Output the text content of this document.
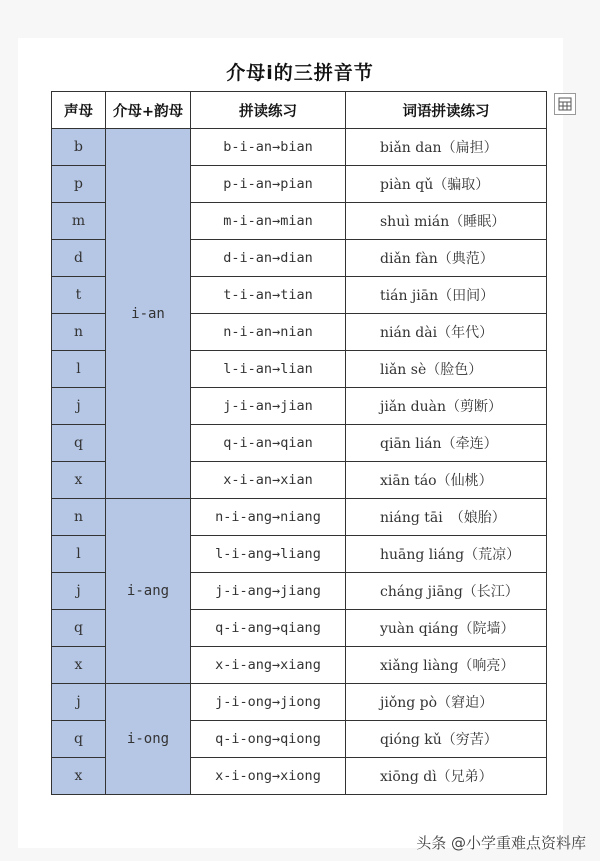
介母i的三拼音节
声母	介母+韵母	拼读练习	词语拼读练习
b	i-an	b-i-an→bian	biǎn dan（扁担）
p		p-i-an→pian	piàn qǔ（骗取）
m		m-i-an→mian	shuì mián（睡眠）
d		d-i-an→dian	diǎn fàn（典范）
t		t-i-an→tian	tián jiān（田间）
n		n-i-an→nian	nián dài（年代）
l		l-i-an→lian	liǎn sè（脸色）
j		j-i-an→jian	jiǎn duàn（剪断）
q		q-i-an→qian	qiān lián（牵连）
x		x-i-an→xian	xiān táo（仙桃）
n	i-ang	n-i-ang→niang	niáng tāi　（娘胎）
l		l-i-ang→liang	huāng liáng（荒凉）
j		j-i-ang→jiang	cháng jiāng（长江）
q		q-i-ang→qiang	yuàn qiáng（院墙）
x		x-i-ang→xiang	xiǎng liàng（响亮）
j	i-ong	j-i-ong→jiong	jiǒng pò（窘迫）
q		q-i-ong→qiong	qióng kǔ（穷苦）
x		x-i-ong→xiong	xiōng dì（兄弟）
头条 @小学重难点资料库
